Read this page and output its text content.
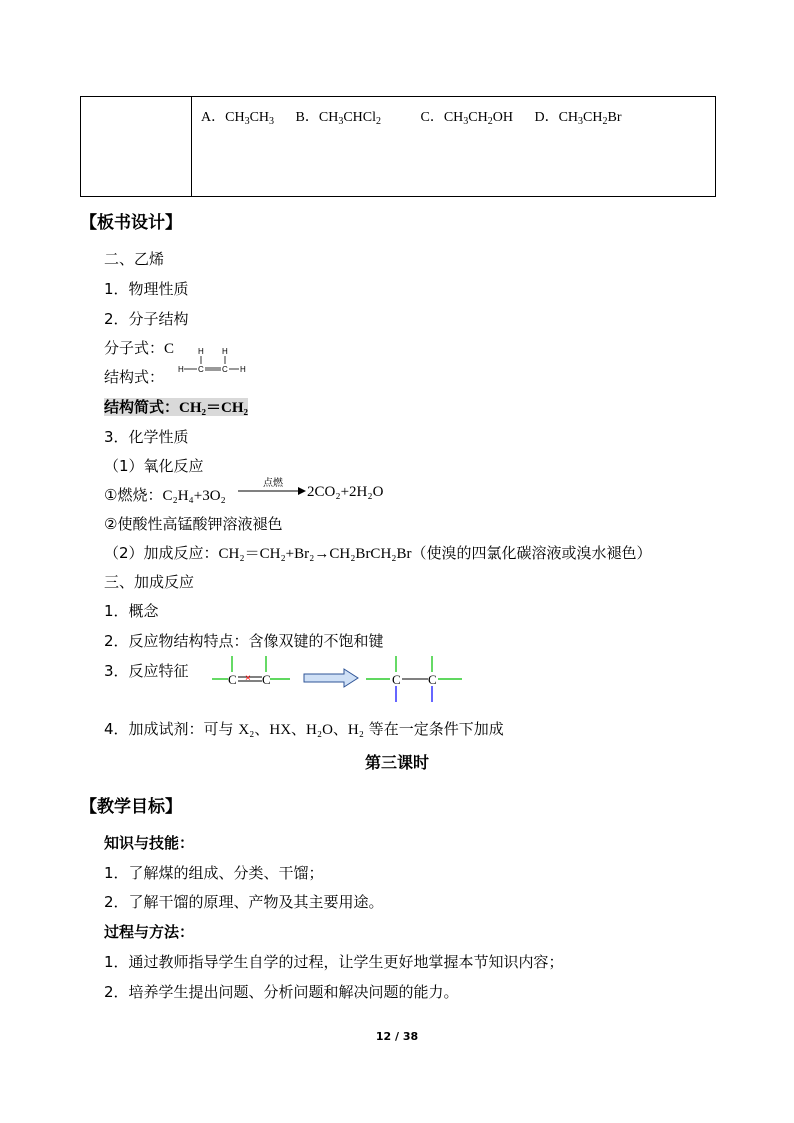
A．$CH_3CH_3$ B．$CH_3CHCl_2$	C．$CH_3CH_2OH$ D．$CH_3CH_2Br$
【板书设计】
二、乙烯
1．物理性质
2．分子结构
分子式：C
结构式：
H H
H C C H
结构简式：CH₂＝CH₂
3．化学性质
（1）氧化反应
①燃烧：C₂H₄+3O₂
点燃
2CO₂+2H₂O
②使酸性高锰酸钾溶液褪色
（2）加成反应：CH₂＝CH₂+Br₂→CH₂BrCH₂Br（使溴的四氯化碳溶液或溴水褪色）
三、加成反应
1．概念
2．反应物结构特点：含像双键的不饱和键
3．反应特征	C C
×	C C
4．加成试剂：可与 X₂、HX、H₂O、H₂ 等在一定条件下加成
第三课时
【教学目标】
知识与技能：
1．了解煤的组成、分类、干馏；
2．了解干馏的原理、产物及其主要用途。
过程与方法：
1．通过教师指导学生自学的过程，让学生更好地掌握本节知识内容；
2．培养学生提出问题、分析问题和解决问题的能力。
12 / 38
